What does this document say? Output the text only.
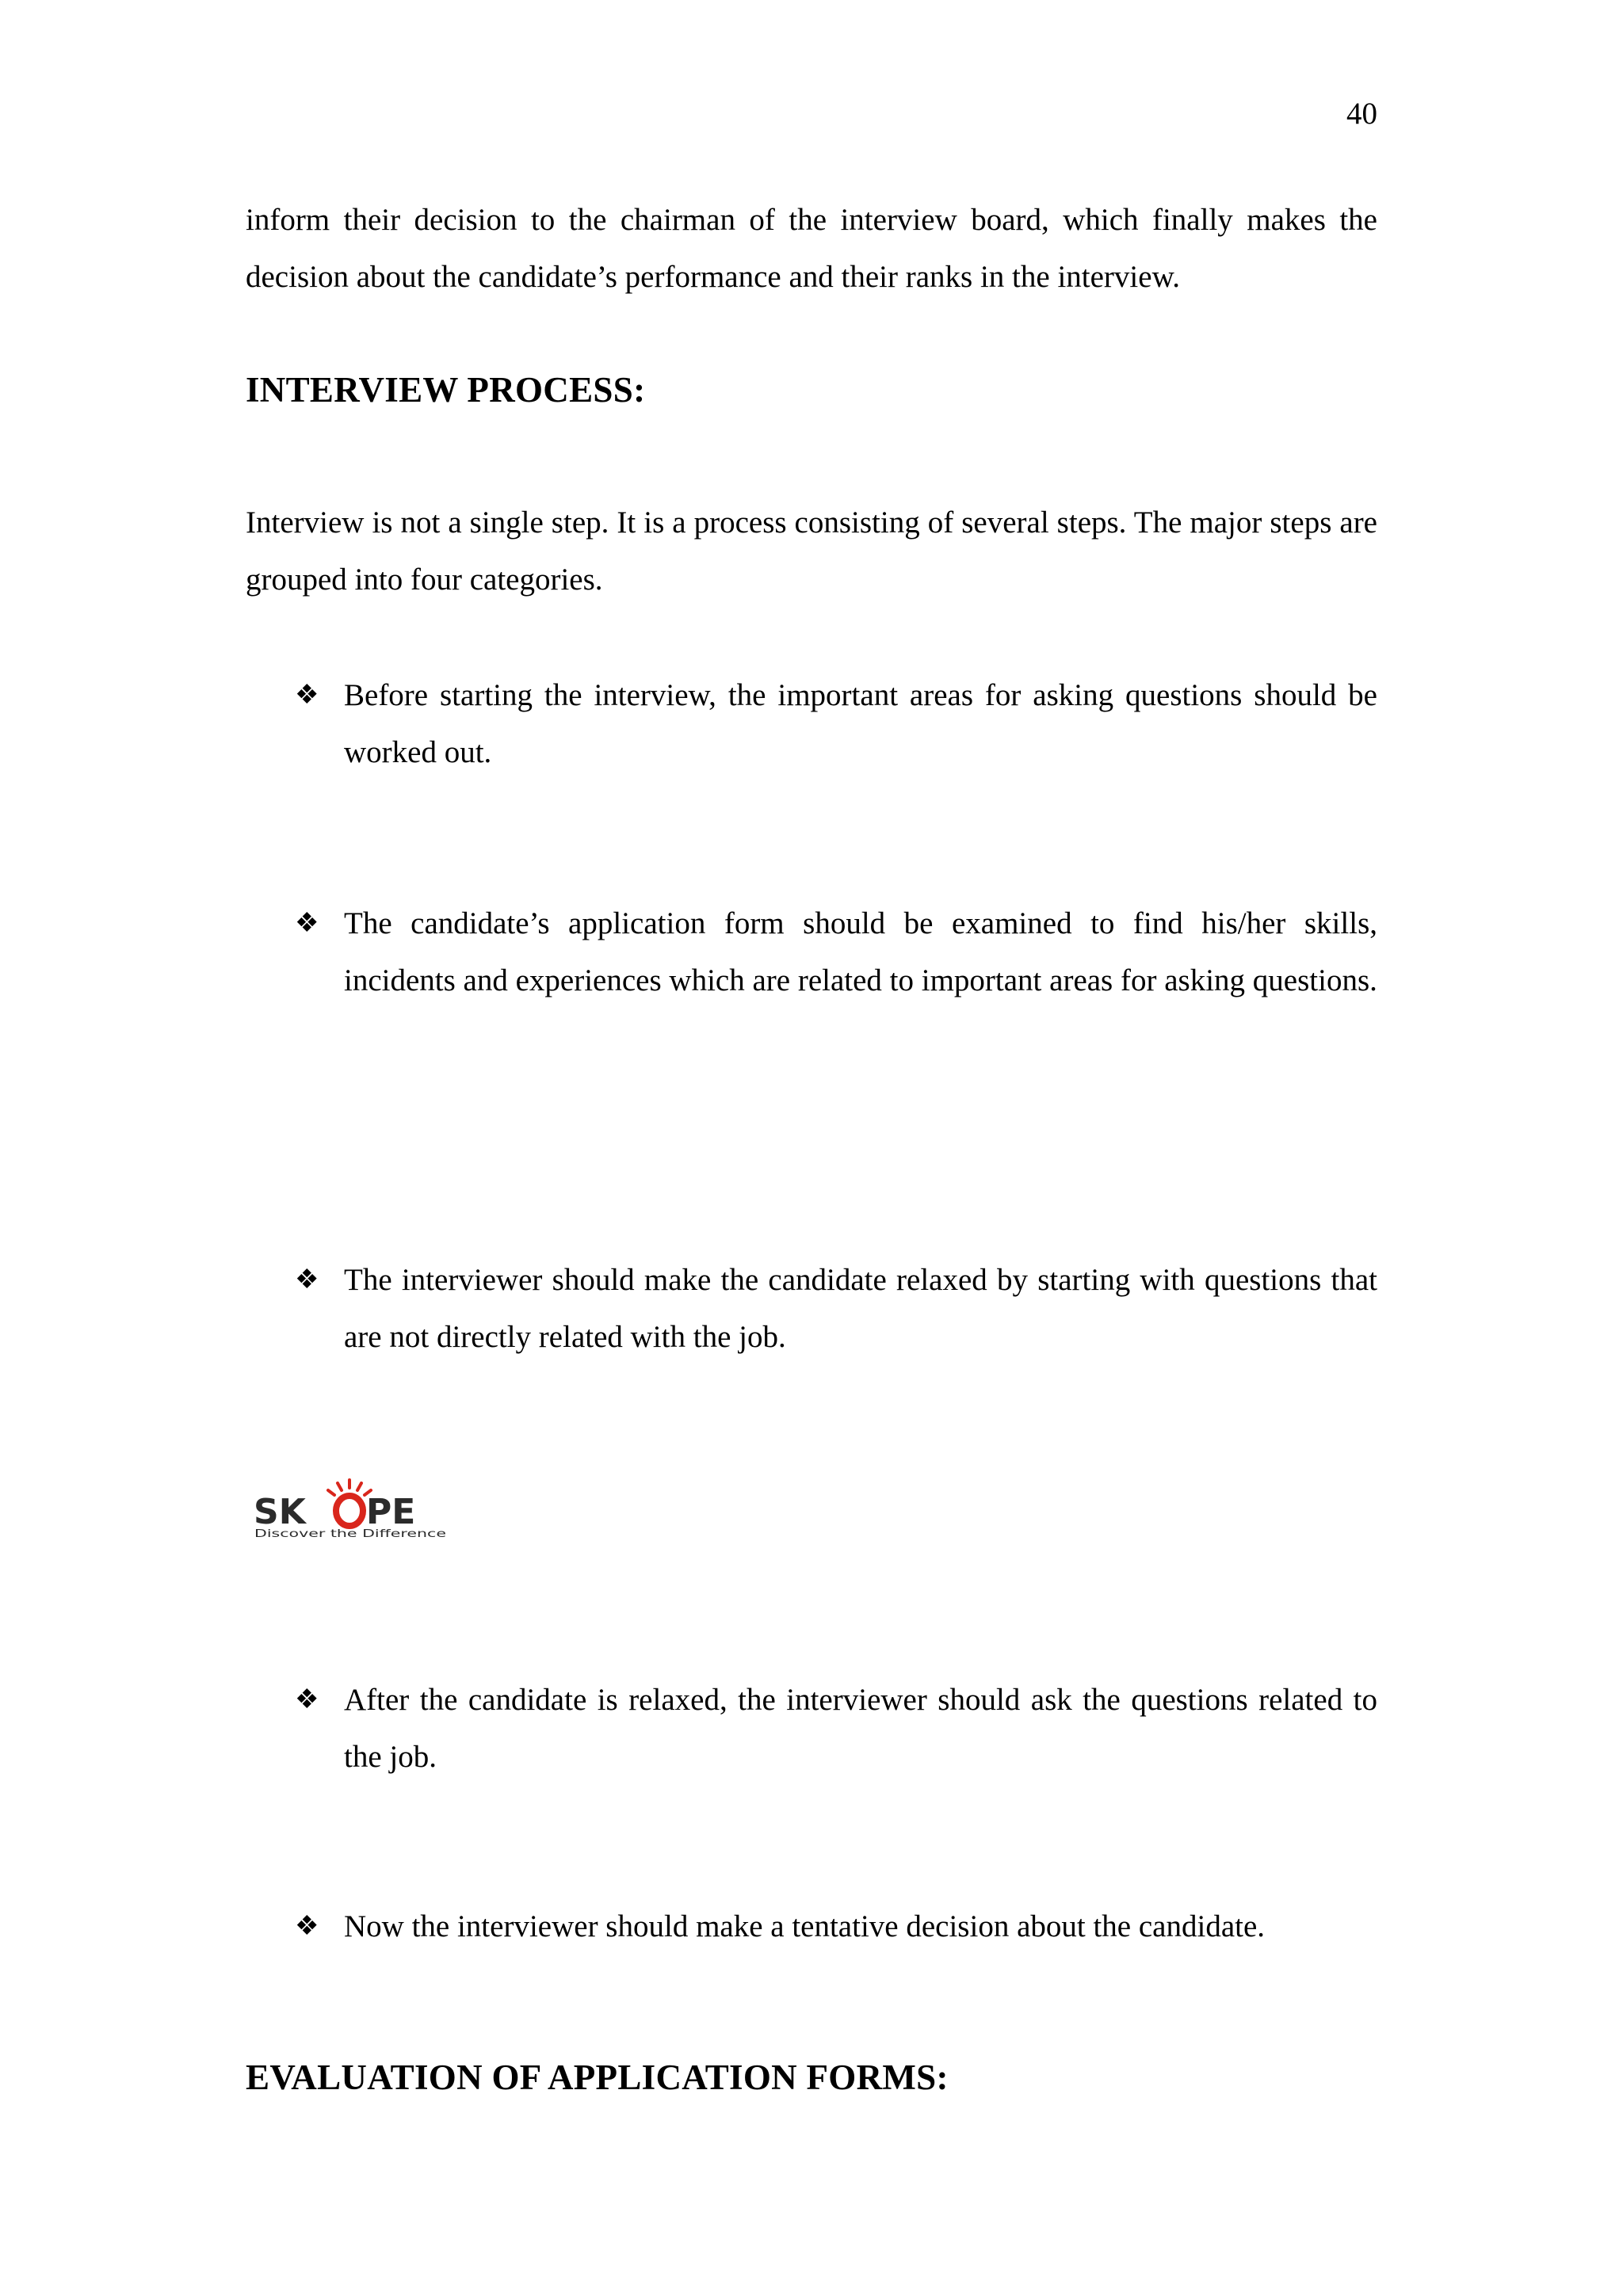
40
inform their decision to the chairman of the interview board, which finally makes the decision about the candidate’s performance and their ranks in the interview.
INTERVIEW PROCESS:
Interview is not a single step. It is a process consisting of several steps. The major steps are grouped into four categories.
❖ Before starting the interview, the important areas for asking questions should be worked out.
❖ The candidate’s application form should be examined to find his/her skills, incidents and experiences which are related to important areas for asking questions.
❖ The interviewer should make the candidate relaxed by starting with questions that are not directly related with the job.
SK PE
Discover the Difference
❖ After the candidate is relaxed, the interviewer should ask the questions related to the job.
❖ Now the interviewer should make a tentative decision about the candidate.
EVALUATION OF APPLICATION FORMS:
